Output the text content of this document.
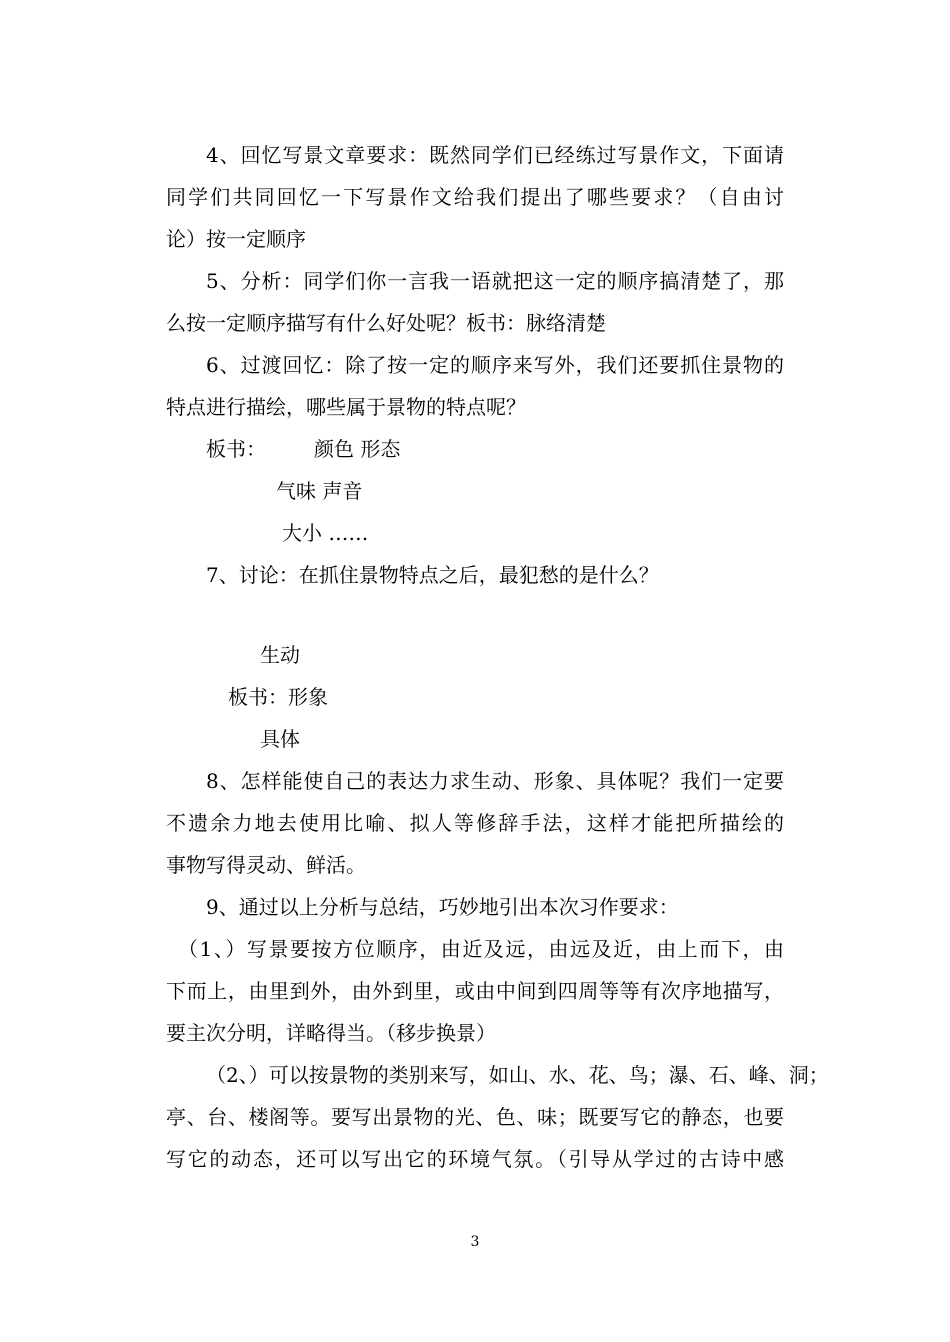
4、回忆写景文章要求：既然同学们已经练过写景作文，下面请
同学们共同回忆一下写景作文给我们提出了哪些要求？（自由讨
论）按一定顺序
5、分析：同学们你一言我一语就把这一定的顺序搞清楚了，那
么按一定顺序描写有什么好处呢？板书：脉络清楚
6、过渡回忆：除了按一定的顺序来写外，我们还要抓住景物的
特点进行描绘，哪些属于景物的特点呢？
板书： 颜色 形态
气味 声音
大小 ……
7、讨论：在抓住景物特点之后，最犯愁的是什么？
生动
板书：形象
具体
8、怎样能使自己的表达力求生动、形象、具体呢？我们一定要
不遗余力地去使用比喻、拟人等修辞手法，这样才能把所描绘的
事物写得灵动、鲜活。
9、通过以上分析与总结，巧妙地引出本次习作要求：
（1、）写景要按方位顺序，由近及远，由远及近，由上而下，由
下而上，由里到外，由外到里，或由中间到四周等等有次序地描写，
要主次分明，详略得当。（移步换景）
（2、）可以按景物的类别来写，如山、水、花、鸟；瀑、石、峰、洞；
亭、台、楼阁等。要写出景物的光、色、味；既要写它的静态，也要
写它的动态，还可以写出它的环境气氛。（引导从学过的古诗中感
3
